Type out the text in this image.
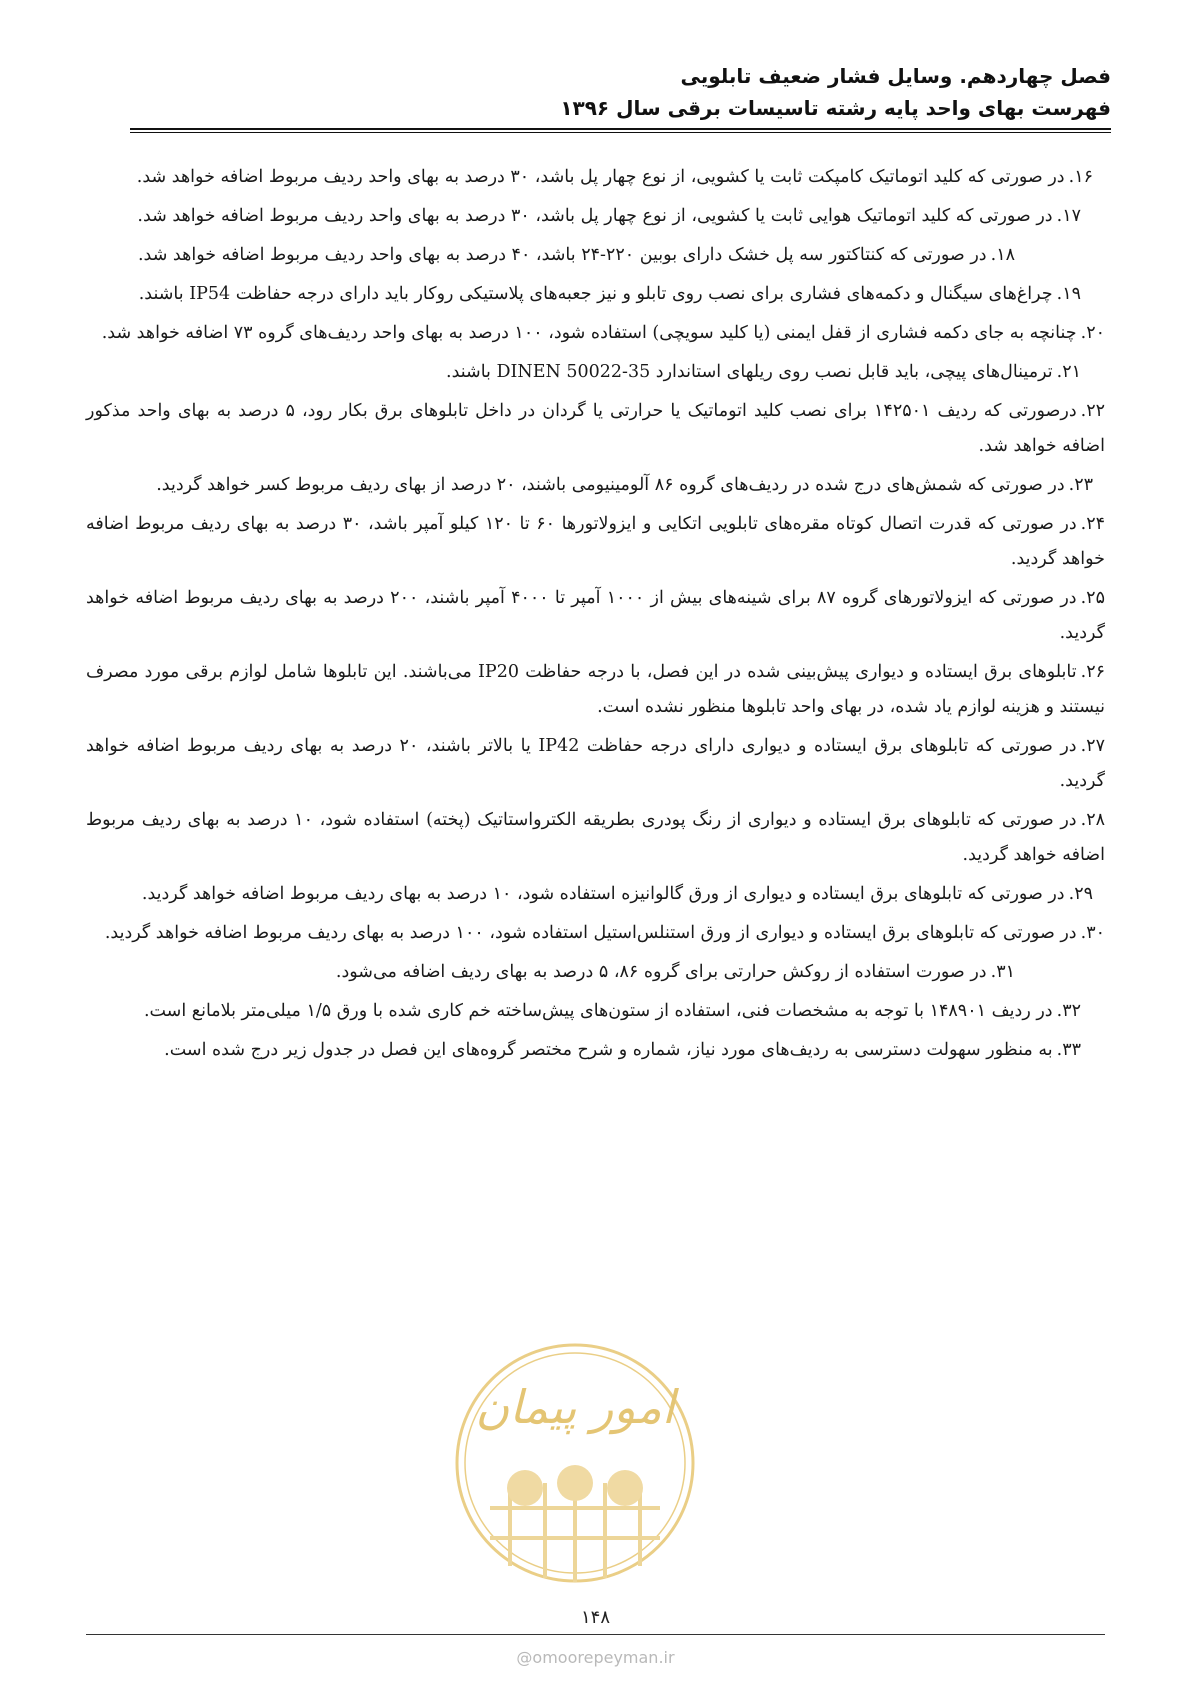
فصل چهاردهم. وسایل فشار ضعیف تابلویی
فهرست بهای واحد پایه رشته تاسیسات برقی سال ۱۳۹۶

۱۶.در صورتی که کلید اتوماتیک کامپکت ثابت یا کشویی، از نوع چهار پل باشد، ۳۰ درصد به بهای واحد ردیف مربوط اضافه خواهد شد.

۱۷.در صورتی که کلید اتوماتیک هوایی ثابت یا کشویی، از نوع چهار پل باشد، ۳۰ درصد به بهای واحد ردیف مربوط اضافه خواهد شد.

۱۸.در صورتی که کنتاکتور سه پل خشک دارای بوبین ۲۲۰-۲۴ باشد، ۴۰ درصد به بهای واحد ردیف مربوط اضافه خواهد شد.

۱۹.چراغ‌های سیگنال و دکمه‌های فشاری برای نصب روی تابلو و نیز جعبه‌های پلاستیکی روکار باید دارای درجه حفاظت IP54 باشند.

۲۰.چنانچه به جای دکمه فشاری از قفل ایمنی (یا کلید سویچی) استفاده شود، ۱۰۰ درصد به بهای واحد ردیف‌های گروه ۷۳ اضافه خواهد شد.

۲۱.ترمینال‌های پیچی، باید قابل نصب روی ریلهای استاندارد DINEN 50022-35 باشند.

۲۲.درصورتی که ردیف ۱۴۲۵۰۱ برای نصب کلید اتوماتیک یا حرارتی یا گردان در داخل تابلوهای برق بکار رود، ۵ درصد به بهای واحد مذکور اضافه خواهد شد.

۲۳.در صورتی که شمش‌های درج شده در ردیف‌های گروه ۸۶ آلومینیومی باشند، ۲۰ درصد از بهای ردیف مربوط کسر خواهد گردید.

۲۴.در صورتی که قدرت اتصال کوتاه مقره‌های تابلویی اتکایی و ایزولاتورها ۶۰ تا ۱۲۰ کیلو آمپر باشد، ۳۰ درصد به بهای ردیف مربوط اضافه خواهد گردید.

۲۵.در صورتی که ایزولاتورهای گروه ۸۷ برای شینه‌های بیش از ۱۰۰۰ آمپر تا ۴۰۰۰ آمپر باشند، ۲۰۰ درصد به بهای ردیف مربوط اضافه خواهد گردید.

۲۶.تابلوهای برق ایستاده و دیواری پیش‌بینی شده در این فصل، با درجه حفاظت IP20 می‌باشند. این تابلوها شامل لوازم برقی مورد مصرف نیستند و هزینه لوازم یاد شده، در بهای واحد تابلوها منظور نشده است.

۲۷.در صورتی که تابلوهای برق ایستاده و دیواری دارای درجه حفاظت IP42 یا بالاتر باشند، ۲۰ درصد به بهای ردیف مربوط اضافه خواهد گردید.

۲۸.در صورتی که تابلوهای برق ایستاده و دیواری از رنگ پودری بطریقه الکترواستاتیک (پخته) استفاده شود، ۱۰ درصد به بهای ردیف مربوط اضافه خواهد گردید.

۲۹.در صورتی که تابلوهای برق ایستاده و دیواری از ورق گالوانیزه استفاده شود، ۱۰ درصد به بهای ردیف مربوط اضافه خواهد گردید.

۳۰.در صورتی که تابلوهای برق ایستاده و دیواری از ورق استنلس‌استیل استفاده شود، ۱۰۰ درصد به بهای ردیف مربوط اضافه خواهد گردید.

۳۱.در صورت استفاده از روکش حرارتی برای گروه ۸۶، ۵ درصد به بهای ردیف اضافه می‌شود.

۳۲.در ردیف ۱۴۸۹۰۱ با توجه به مشخصات فنی، استفاده از ستون‌های پیش‌ساخته خم کاری شده با ورق ۱/۵ میلی‌متر بلامانع است.

۳۳.به منظور سهولت دسترسی به ردیف‌های مورد نیاز، شماره و شرح مختصر گروه‌های این فصل در جدول زیر درج شده است.

امور پیمان
۱۴۸
@omoorepeyman.ir
